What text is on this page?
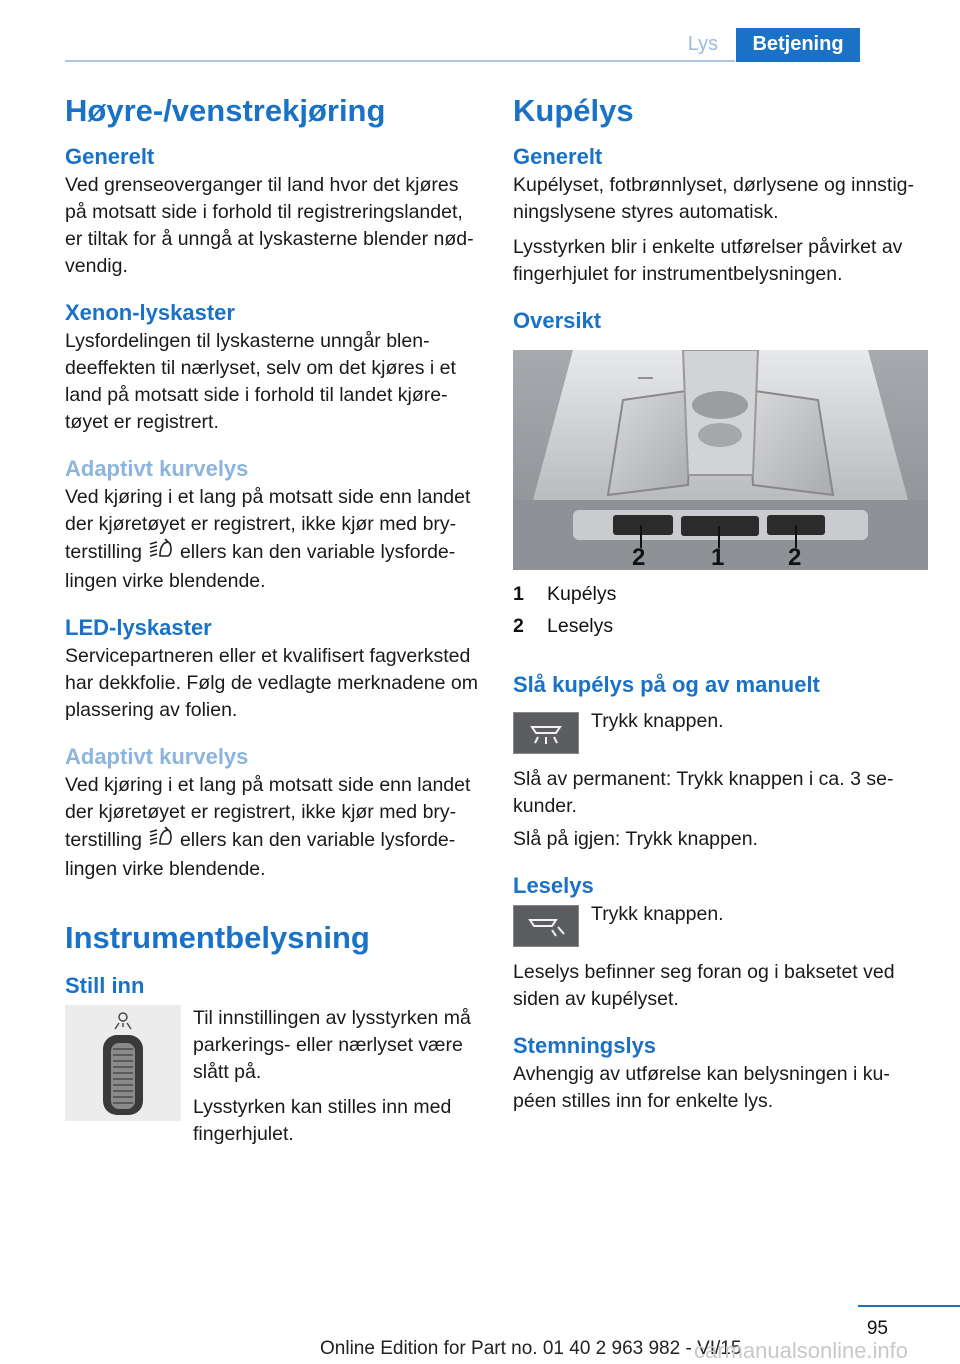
Lys	Betjening
Høyre-/venstrekjøring
Generelt

Ved grenseoverganger til land hvor det kjøres på motsatt side i forhold til registreringslandet, er tiltak for å unngå at lyskasterne blender nød-vendig.

Xenon-lyskaster

Lysfordelingen til lyskasterne unngår blen-deeffekten til nærlyset, selv om det kjøres i et land på motsatt side i forhold til landet kjøre-tøyet er registrert.

Adaptivt kurvelys

Ved kjøring i et lang på motsatt side enn landet der kjøretøyet er registrert, ikke kjør med bry-terstilling ellers kan den variable lysforde-lingen virke blendende.

LED-lyskaster

Servicepartneren eller et kvalifisert fagverksted har dekkfolie. Følg de vedlagte merknadene om plassering av folien.

Adaptivt kurvelys

Ved kjøring i et lang på motsatt side enn landet der kjøretøyet er registrert, ikke kjør med bry-terstilling ellers kan den variable lysforde-lingen virke blendende.

Instrumentbelysning
Still inn

Til innstillingen av lysstyrken må parkerings- eller nærlyset være slått på.

Lysstyrken kan stilles inn med fingerhjulet.

Kupélys
Generelt

Kupélyset, fotbrønnlyset, dørlysene og innstig-ningslysene styres automatisk.

Lysstyrken blir i enkelte utførelser påvirket av fingerhjulet for instrumentbelysningen.

Oversikt
2	1	2
1	Kupélys
2	Leselys
Slå kupélys på og av manuelt

Trykk knappen.

Slå av permanent: Trykk knappen i ca. 3 se-kunder.

Slå på igjen: Trykk knappen.

Leselys

Trykk knappen.

Leselys befinner seg foran og i baksetet ved siden av kupélyset.

Stemningslys

Avhengig av utførelse kan belysningen i ku-péen stilles inn for enkelte lys.

95
Online Edition for Part no. 01 40 2 963 982 - VI/15
carmanualsonline.info
